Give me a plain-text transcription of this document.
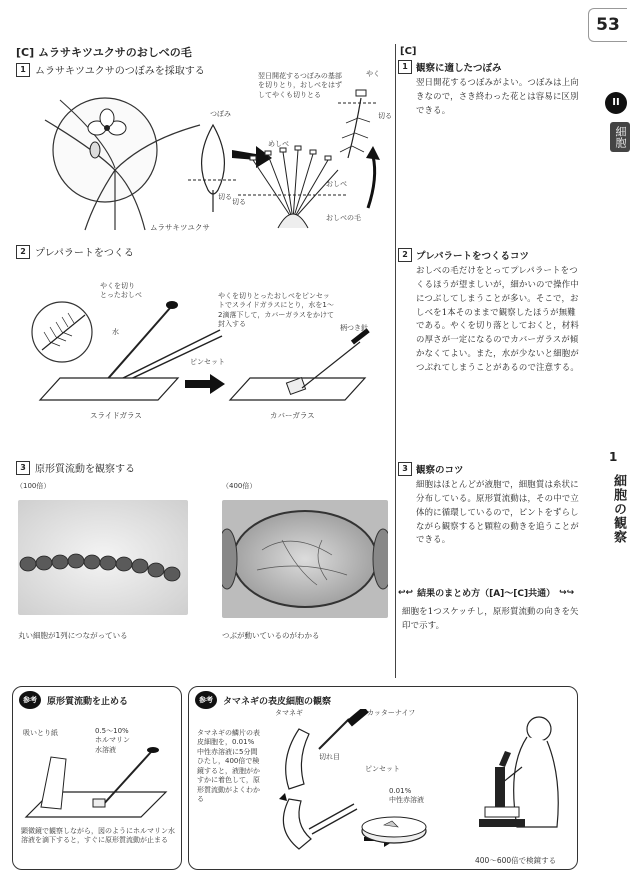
53
II
細胞
1
細胞の観察
[C] ムラサキツユクサのおしべの毛
1 ムラサキツユクサのつぼみを採取する
ムラサキツユクサ
つぼみ
切る
翌日開花するつぼみの基部を切りとり，おしべをはずしてやくも切りとる
めしべ
おしべ
おしべの毛
切る
やく
切る
2 プレパラートをつくる
やくを切り
とったおしべ	やくを切りとったおしべをピンセットでスライドガラスにとり，水を1～2滴落下して，カバーガラスをかけて封入する
水
ピンセット
柄つき針
スライドガラス	カバーガラス
3 原形質流動を観察する
（100倍）	（400倍）
丸い細胞が1列につながっている	つぶが動いているのがわかる
[C]
1 観察に適したつぼみ

翌日開花するつぼみがよい。つぼみは上向きなので，さき終わった花とは容易に区別できる。

2 プレパラートをつくるコツ

おしべの毛だけをとってプレパラートをつくるほうが望ましいが，細かいので操作中につぶしてしまうことが多い。そこで，おしべを1本そのままで観察したほうが無難である。やくを切り落としておくと，材料の厚さが一定になるのでカバーガラスが傾かなくてよい。また，水が少ないと細胞がつぶれてしまうことがあるので注意する。

3 観察のコツ

細胞はほとんどが液胞で，細胞質は糸状に分布している。原形質流動は，その中で立体的に循環しているので，ピントをずらしながら観察すると顆粒の動きを追うことができる。

↩↩ 結果のまとめ方（[A]～[C]共通） ↪↪

細胞を1つスケッチし，原形質流動の向きを矢印で示す。

参考	原形質流動を止める
吸いとり紙	0.5～10%
ホルマリン
水溶液
顕微鏡で観察しながら，図のようにホルマリン水溶液を滴下すると，すぐに原形質流動が止まる
参考	タマネギの表皮細胞の観察
タマネギの鱗片の表皮細胞を，0.01%中性赤溶液に5分間ひたし，400倍で検鏡すると，液胞がかすかに着色して，原形質流動がよくわかる
タマネギ	カッターナイフ
切れ目
ピンセット
0.01%
中性赤溶液
400～600倍で検鏡する
